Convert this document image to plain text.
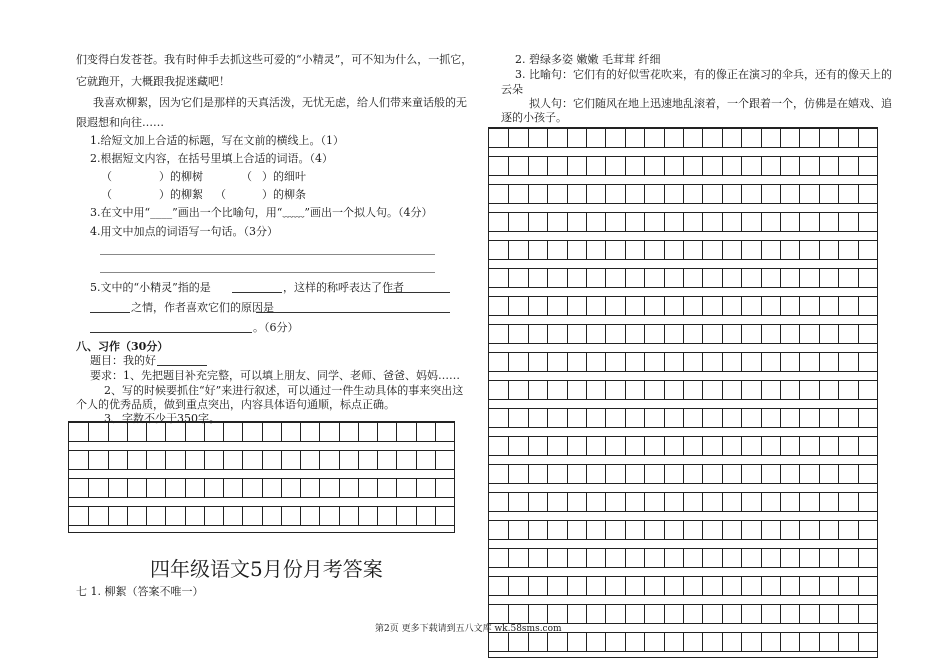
们变得白发苍苍。我有时伸手去抓这些可爱的“小精灵”，可不知为什么，一抓它，
它就跑开，大概跟我捉迷藏吧！
我喜欢柳絮，因为它们是那样的天真活泼，无忧无虑，给人们带来童话般的无
限遐想和向往……
1.给短文加上合适的标题，写在文前的横线上。（1）
2.根据短文内容，在括号里填上合适的词语。（4）
（	）的柳树	（ ）的细叶
（	）的柳絮 （	）的柳条
3.在文中用“____”画出一个比喻句，用“﹏﹏”画出一个拟人句。（4分）
4.用文中加点的词语写一句话。（3分）
5.文中的“小精灵”指的是	，这样的称呼表达了作者
之情，作者喜欢它们的原因是
。（6分）
八、习作（30分）
题目：我的好
要求：1、先把题目补充完整，可以填上朋友、同学、老师、爸爸、妈妈……
2、写的时候要抓住“好”来进行叙述，可以通过一件生动具体的事来突出这
个人的优秀品质，做到重点突出，内容具体语句通顺，标点正确。
3、字数不少于350字。
四年级语文5月份月考答案
七 1. 柳絮（答案不唯一）
2. 碧绿多姿 嫩嫩 毛茸茸 纤细
3. 比喻句：它们有的好似雪花吹来，有的像正在演习的伞兵，还有的像天上的
云朵
拟人句：它们随风在地上迅速地乱滚着，一个跟着一个，仿佛是在嬉戏、追
逐的小孩子。
第2页 更多下载请到五八文库 wk.58sms.com
